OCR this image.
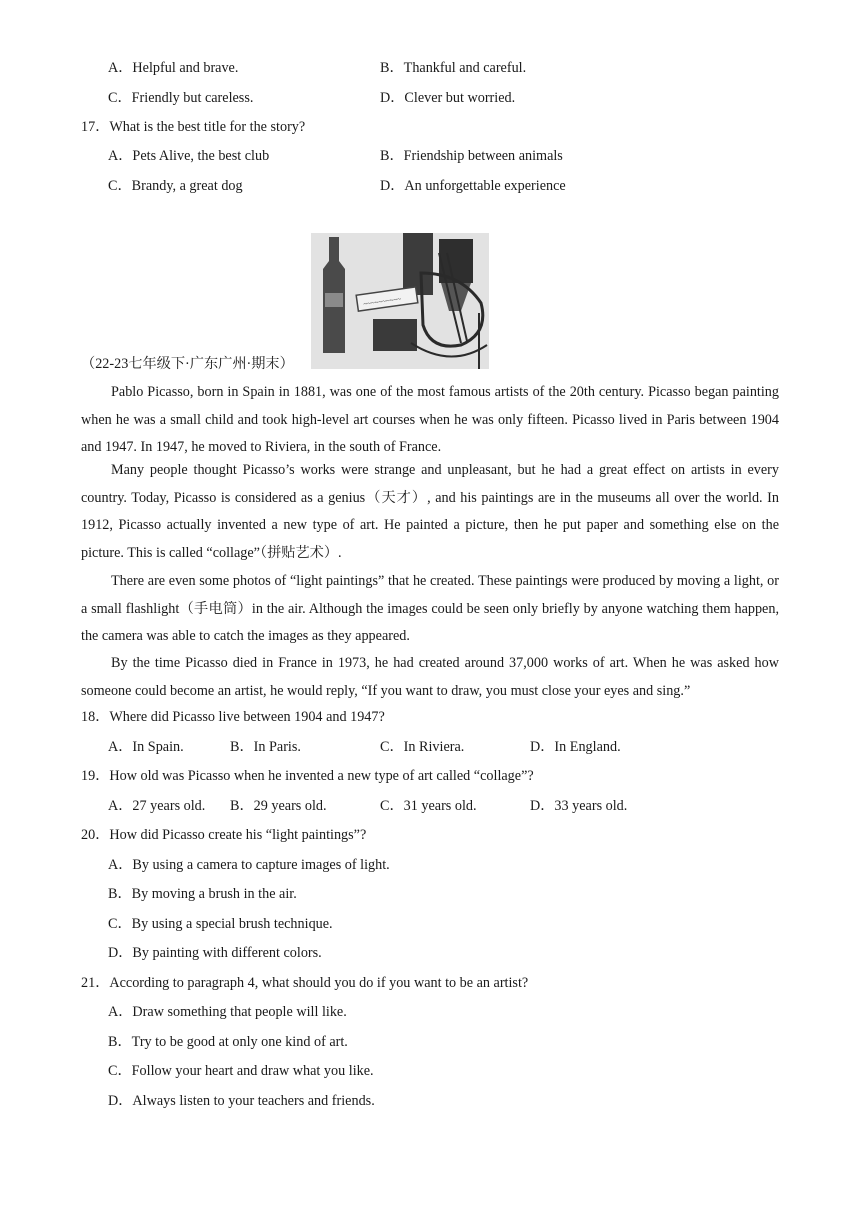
A．Helpful and brave.	B．Thankful and careful.
C．Friendly but careless.	D．Clever but worried.
17．What is the best title for the story?
A．Pets Alive, the best club	B．Friendship between animals
C．Brandy, a great dog	D．An unforgettable experience
~~~~~~~~~~
（22-23七年级下·广东广州·期末）
Pablo Picasso, born in Spain in 1881, was one of the most famous artists of the 20th century. Picasso began painting when he was a small child and took high-level art courses when he was only fifteen. Picasso lived in Paris between 1904 and 1947. In 1947, he moved to Riviera, in the south of France.
Many people thought Picasso’s works were strange and unpleasant, but he had a great effect on artists in every country. Today, Picasso is considered as a genius（天才）, and his paintings are in the museums all over the world. In 1912, Picasso actually invented a new type of art. He painted a picture, then he put paper and something else on the picture. This is called “collage”（拼贴艺术）.
There are even some photos of “light paintings” that he created. These paintings were produced by moving a light, or a small flashlight（手电筒）in the air. Although the images could be seen only briefly by anyone watching them happen, the camera was able to catch the images as they appeared.
By the time Picasso died in France in 1973, he had created around 37,000 works of art. When he was asked how someone could become an artist, he would reply, “If you want to draw, you must close your eyes and sing.”
18．Where did Picasso live between 1904 and 1947?
A．In Spain.	B．In Paris.	C．In Riviera.	D．In England.
19．How old was Picasso when he invented a new type of art called “collage”?
A．27 years old. B．29 years old.	C．31 years old.	D．33 years old.
20．How did Picasso create his “light paintings”?
A．By using a camera to capture images of light.
B．By moving a brush in the air.
C．By using a special brush technique.
D．By painting with different colors.
21．According to paragraph 4, what should you do if you want to be an artist?
A．Draw something that people will like.
B．Try to be good at only one kind of art.
C．Follow your heart and draw what you like.
D．Always listen to your teachers and friends.
